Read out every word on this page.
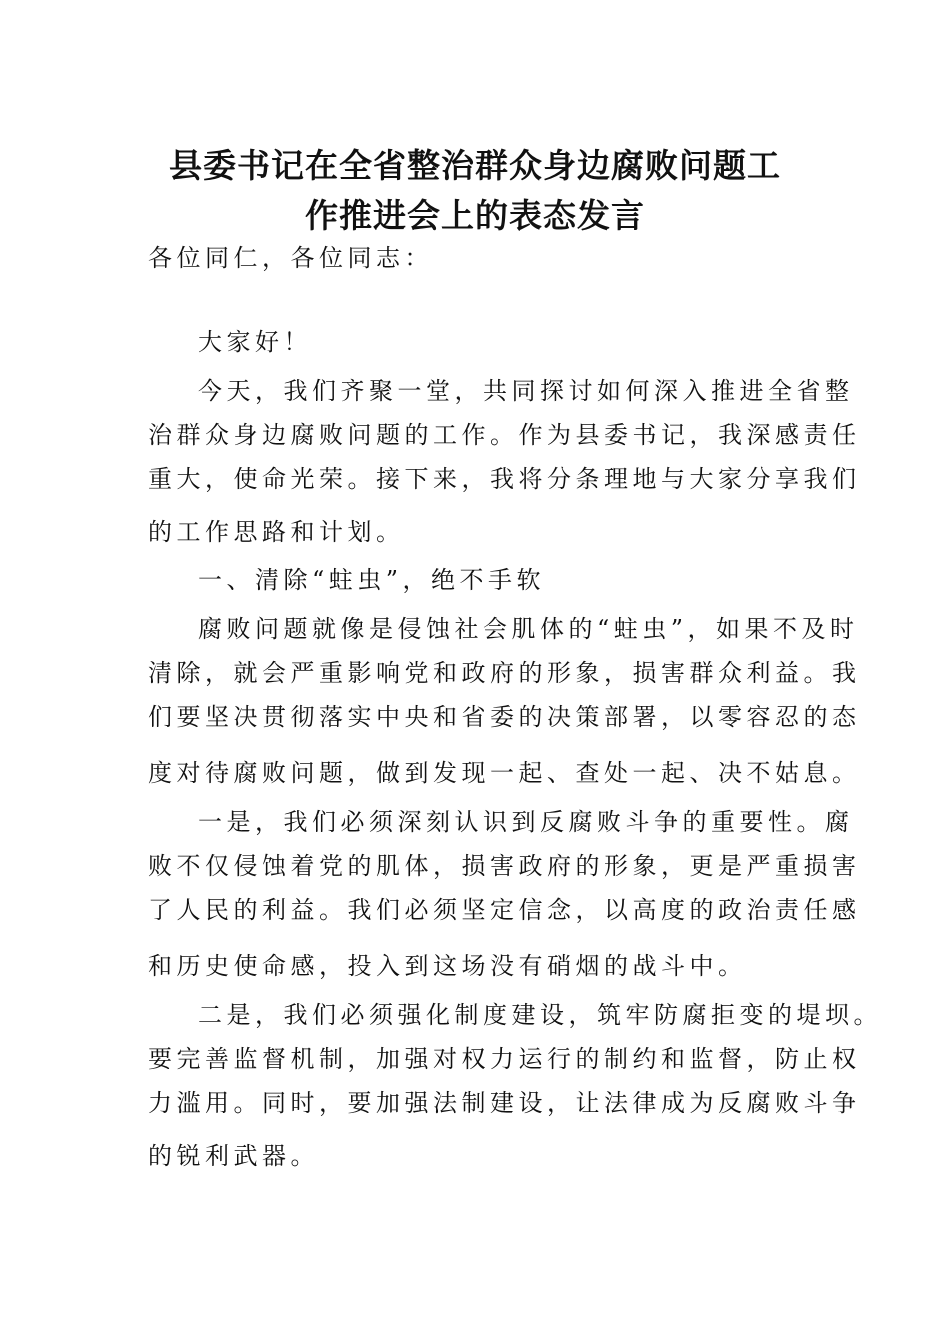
县委书记在全省整治群众身边腐败问题工
作推进会上的表态发言
各位同仁，各位同志：
大家好！
今天，我们齐聚一堂，共同探讨如何深入推进全省整
治群众身边腐败问题的工作。作为县委书记，我深感责任
重大，使命光荣。接下来，我将分条理地与大家分享我们
的工作思路和计划。
一、清除“蛀虫”，绝不手软
腐败问题就像是侵蚀社会肌体的“蛀虫”，如果不及时
清除，就会严重影响党和政府的形象，损害群众利益。我
们要坚决贯彻落实中央和省委的决策部署，以零容忍的态
度对待腐败问题，做到发现一起、查处一起、决不姑息。
一是，我们必须深刻认识到反腐败斗争的重要性。腐
败不仅侵蚀着党的肌体，损害政府的形象，更是严重损害
了人民的利益。我们必须坚定信念，以高度的政治责任感
和历史使命感，投入到这场没有硝烟的战斗中。
二是，我们必须强化制度建设，筑牢防腐拒变的堤坝。
要完善监督机制，加强对权力运行的制约和监督，防止权
力滥用。同时，要加强法制建设，让法律成为反腐败斗争
的锐利武器。
